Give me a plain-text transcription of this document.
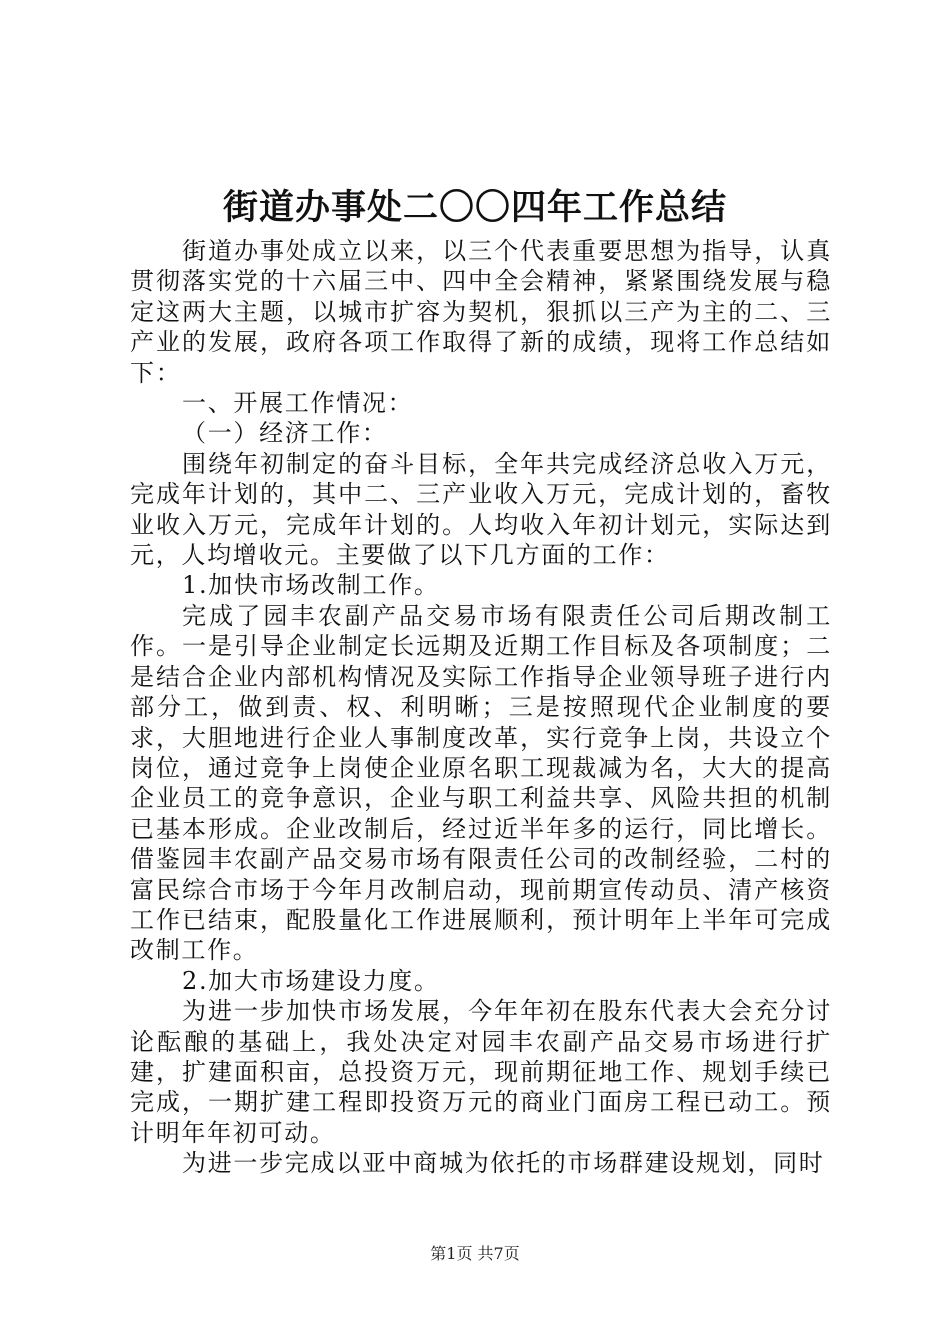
街道办事处二〇〇四年工作总结

街道办事处成立以来，以三个代表重要思想为指导，认真贯彻落实党的十六届三中、四中全会精神，紧紧围绕发展与稳定这两大主题，以城市扩容为契机，狠抓以三产为主的二、三产业的发展，政府各项工作取得了新的成绩，现将工作总结如下：

一、开展工作情况：

（一）经济工作：

围绕年初制定的奋斗目标，全年共完成经济总收入万元，完成年计划的，其中二、三产业收入万元，完成计划的，畜牧业收入万元，完成年计划的。人均收入年初计划元，实际达到元，人均增收元。主要做了以下几方面的工作：

1.加快市场改制工作。

完成了园丰农副产品交易市场有限责任公司后期改制工作。一是引导企业制定长远期及近期工作目标及各项制度；二是结合企业内部机构情况及实际工作指导企业领导班子进行内部分工，做到责、权、利明晰；三是按照现代企业制度的要求，大胆地进行企业人事制度改革，实行竞争上岗，共设立个岗位，通过竞争上岗使企业原名职工现裁减为名，大大的提高企业员工的竞争意识，企业与职工利益共享、风险共担的机制已基本形成。企业改制后，经过近半年多的运行，同比增长。借鉴园丰农副产品交易市场有限责任公司的改制经验，二村的富民综合市场于今年月改制启动，现前期宣传动员、清产核资工作已结束，配股量化工作进展顺利，预计明年上半年可完成改制工作。

2.加大市场建设力度。

为进一步加快市场发展，今年年初在股东代表大会充分讨论酝酿的基础上，我处决定对园丰农副产品交易市场进行扩建，扩建面积亩，总投资万元，现前期征地工作、规划手续已完成，一期扩建工程即投资万元的商业门面房工程已动工。预计明年年初可动。

为进一步完成以亚中商城为依托的市场群建设规划，同时

第1页 共7页
